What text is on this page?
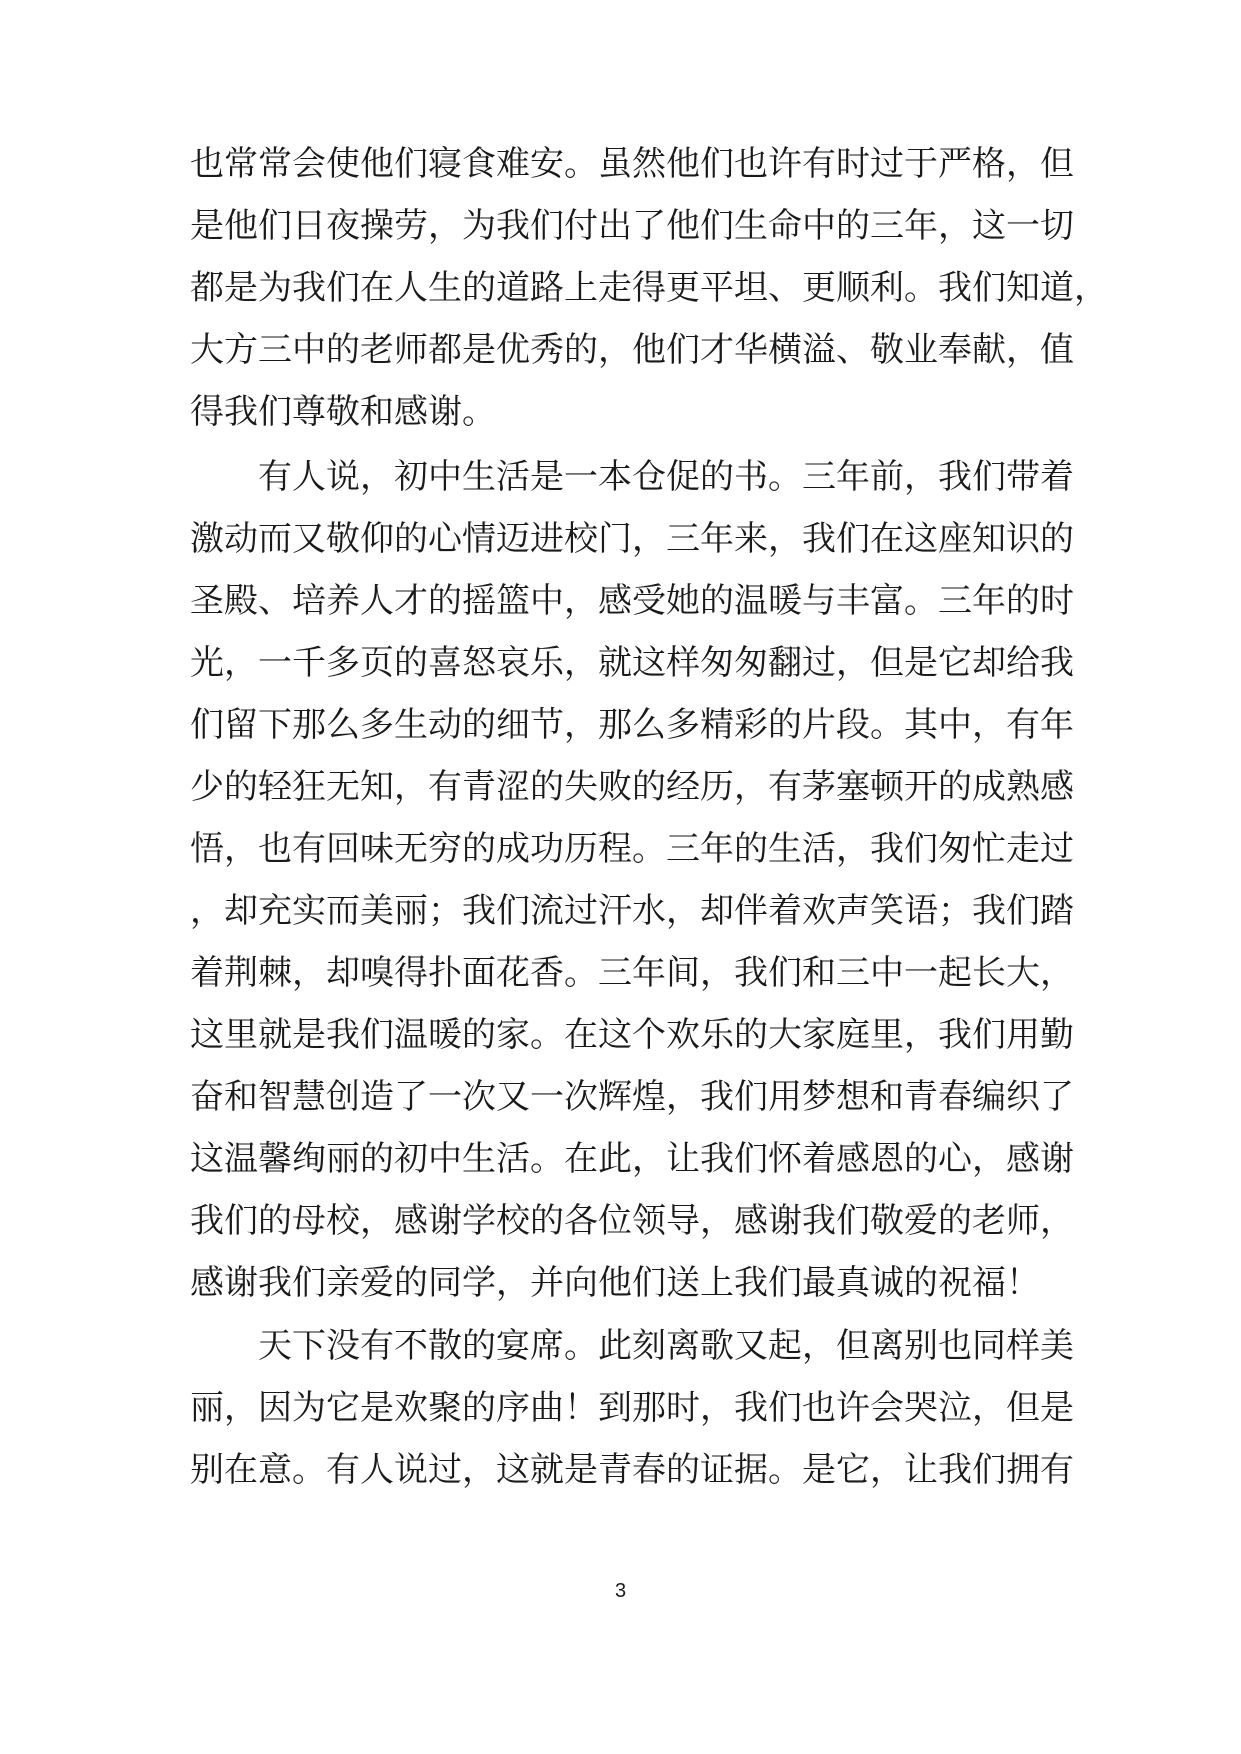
也常常会使他们寝食难安。虽然他们也许有时过于严格，但
是他们日夜操劳，为我们付出了他们生命中的三年，这一切
都是为我们在人生的道路上走得更平坦、更顺利。我们知道，
大方三中的老师都是优秀的，他们才华横溢、敬业奉献，值
得我们尊敬和感谢。
有人说，初中生活是一本仓促的书。三年前，我们带着
激动而又敬仰的心情迈进校门，三年来，我们在这座知识的
圣殿、培养人才的摇篮中，感受她的温暖与丰富。三年的时
光，一千多页的喜怒哀乐，就这样匆匆翻过，但是它却给我
们留下那么多生动的细节，那么多精彩的片段。其中，有年
少的轻狂无知，有青涩的失败的经历，有茅塞顿开的成熟感
悟，也有回味无穷的成功历程。三年的生活，我们匆忙走过
，却充实而美丽；我们流过汗水，却伴着欢声笑语；我们踏
着荆棘，却嗅得扑面花香。三年间，我们和三中一起长大，
这里就是我们温暖的家。在这个欢乐的大家庭里，我们用勤
奋和智慧创造了一次又一次辉煌，我们用梦想和青春编织了
这温馨绚丽的初中生活。在此，让我们怀着感恩的心，感谢
我们的母校，感谢学校的各位领导，感谢我们敬爱的老师，
感谢我们亲爱的同学，并向他们送上我们最真诚的祝福！
天下没有不散的宴席。此刻离歌又起，但离别也同样美
丽，因为它是欢聚的序曲！到那时，我们也许会哭泣，但是
别在意。有人说过，这就是青春的证据。是它，让我们拥有
3
